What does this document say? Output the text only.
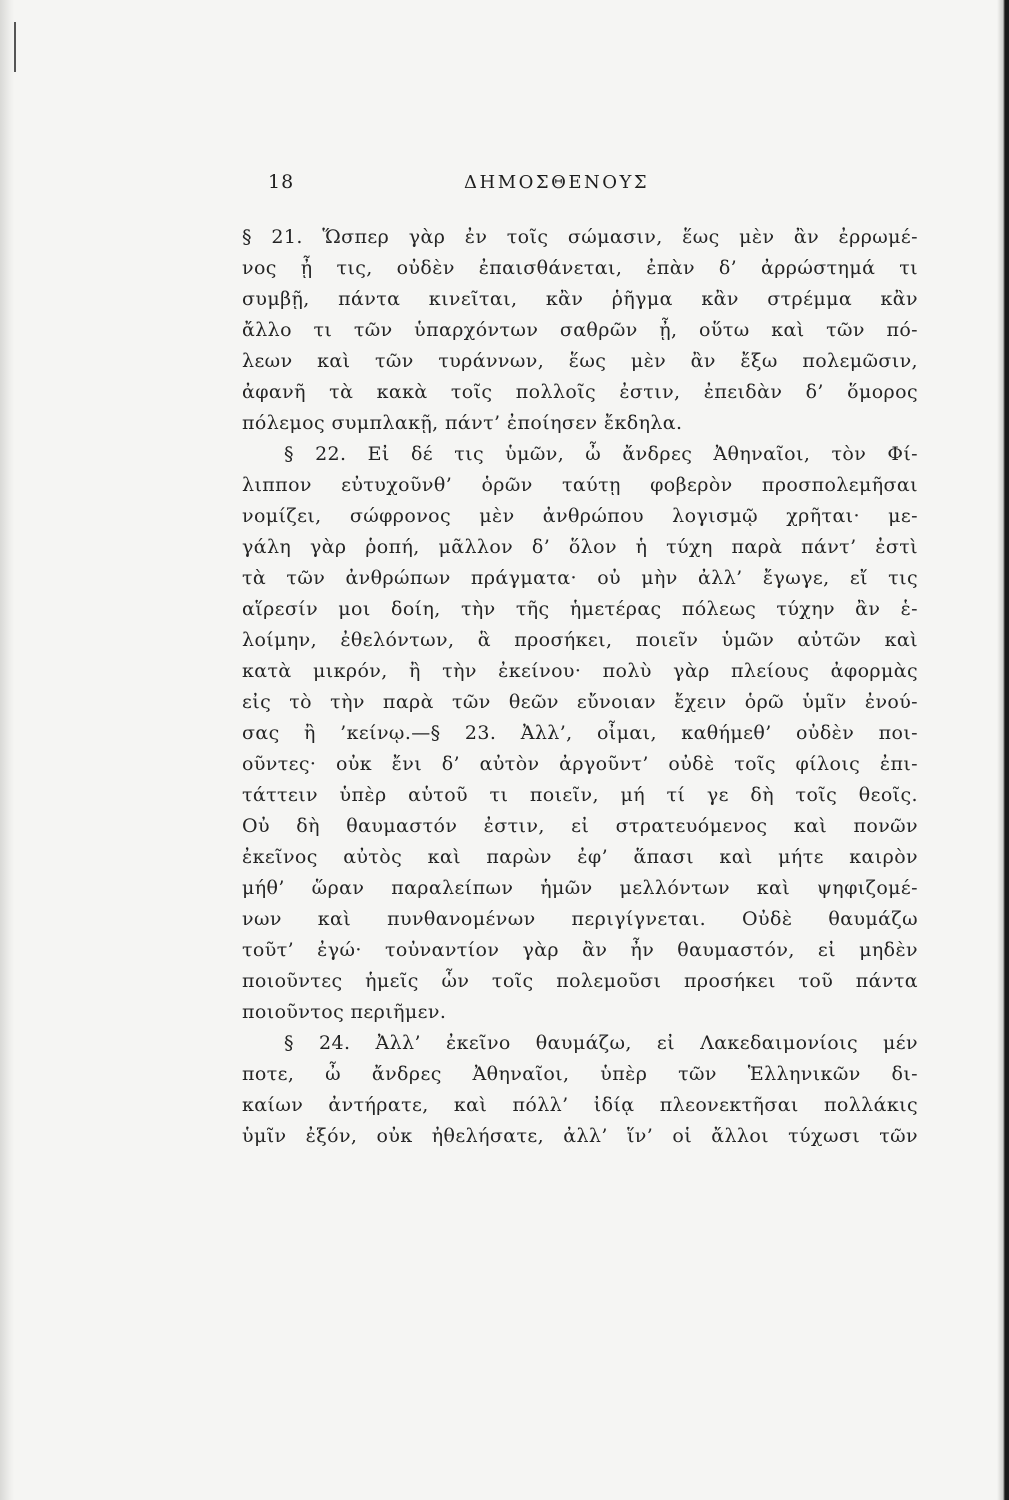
18	ΔΗΜΟΣΘΕΝΟΥΣ
§ 21. Ὥσπερ γὰρ ἐν τοῖς σώμασιν, ἕως μὲν ἂν ἐρρωμέ-
νος ᾖ τις, οὐδὲν ἐπαισθάνεται, ἐπὰν δ’ ἀρρώστημά τι
συμβῇ, πάντα κινεῖται, κἂν ῥῆγμα κἂν στρέμμα κἂν
ἄλλο τι τῶν ὑπαρχόντων σαθρῶν ᾖ, οὕτω καὶ τῶν πό-
λεων καὶ τῶν τυράννων, ἕως μὲν ἂν ἔξω πολεμῶσιν,
ἀφανῆ τὰ κακὰ τοῖς πολλοῖς ἐστιν, ἐπειδὰν δ’ ὅμορος
πόλεμος συμπλακῇ, πάντ’ ἐποίησεν ἔκδηλα.
§ 22. Εἰ δέ τις ὑμῶν, ὦ ἄνδρες Ἀθηναῖοι, τὸν Φί-
λιππον εὐτυχοῦνθ’ ὁρῶν ταύτῃ φοβερὸν προσπολεμῆσαι
νομίζει, σώφρονος μὲν ἀνθρώπου λογισμῷ χρῆται· με-
γάλη γὰρ ῥοπή, μᾶλλον δ’ ὅλον ἡ τύχη παρὰ πάντ’ ἐστὶ
τὰ τῶν ἀνθρώπων πράγματα· οὐ μὴν ἀλλ’ ἔγωγε, εἴ τις
αἵρεσίν μοι δοίη, τὴν τῆς ἡμετέρας πόλεως τύχην ἂν ἑ-
λοίμην, ἐθελόντων, ἃ προσήκει, ποιεῖν ὑμῶν αὐτῶν καὶ
κατὰ μικρόν, ἢ τὴν ἐκείνου· πολὺ γὰρ πλείους ἀφορμὰς
εἰς τὸ τὴν παρὰ τῶν θεῶν εὔνοιαν ἔχειν ὁρῶ ὑμῖν ἐνού-
σας ἢ ’κείνῳ.—§ 23. Ἀλλ’, οἶμαι, καθήμεθ’ οὐδὲν ποι-
οῦντες· οὐκ ἔνι δ’ αὐτὸν ἀργοῦντ’ οὐδὲ τοῖς φίλοις ἐπι-
τάττειν ὑπὲρ αὑτοῦ τι ποιεῖν, μή τί γε δὴ τοῖς θεοῖς.
Οὐ δὴ θαυμαστόν ἐστιν, εἰ στρατευόμενος καὶ πονῶν
ἐκεῖνος αὐτὸς καὶ παρὼν ἐφ’ ἅπασι καὶ μήτε καιρὸν
μήθ’ ὥραν παραλείπων ἡμῶν μελλόντων καὶ ψηφιζομέ-
νων καὶ πυνθανομένων περιγίγνεται. Οὐδὲ θαυμάζω
τοῦτ’ ἐγώ· τοὐναντίον γὰρ ἂν ἦν θαυμαστόν, εἰ μηδὲν
ποιοῦντες ἡμεῖς ὧν τοῖς πολεμοῦσι προσήκει τοῦ πάντα
ποιοῦντος περιῆμεν.
§ 24. Ἀλλ’ ἐκεῖνο θαυμάζω, εἰ Λακεδαιμονίοις μέν
ποτε, ὦ ἄνδρες Ἀθηναῖοι, ὑπὲρ τῶν Ἑλληνικῶν δι-
καίων ἀντήρατε, καὶ πόλλ’ ἰδίᾳ πλεονεκτῆσαι πολλάκις
ὑμῖν ἐξόν, οὐκ ἠθελήσατε, ἀλλ’ ἵν’ οἱ ἄλλοι τύχωσι τῶν
